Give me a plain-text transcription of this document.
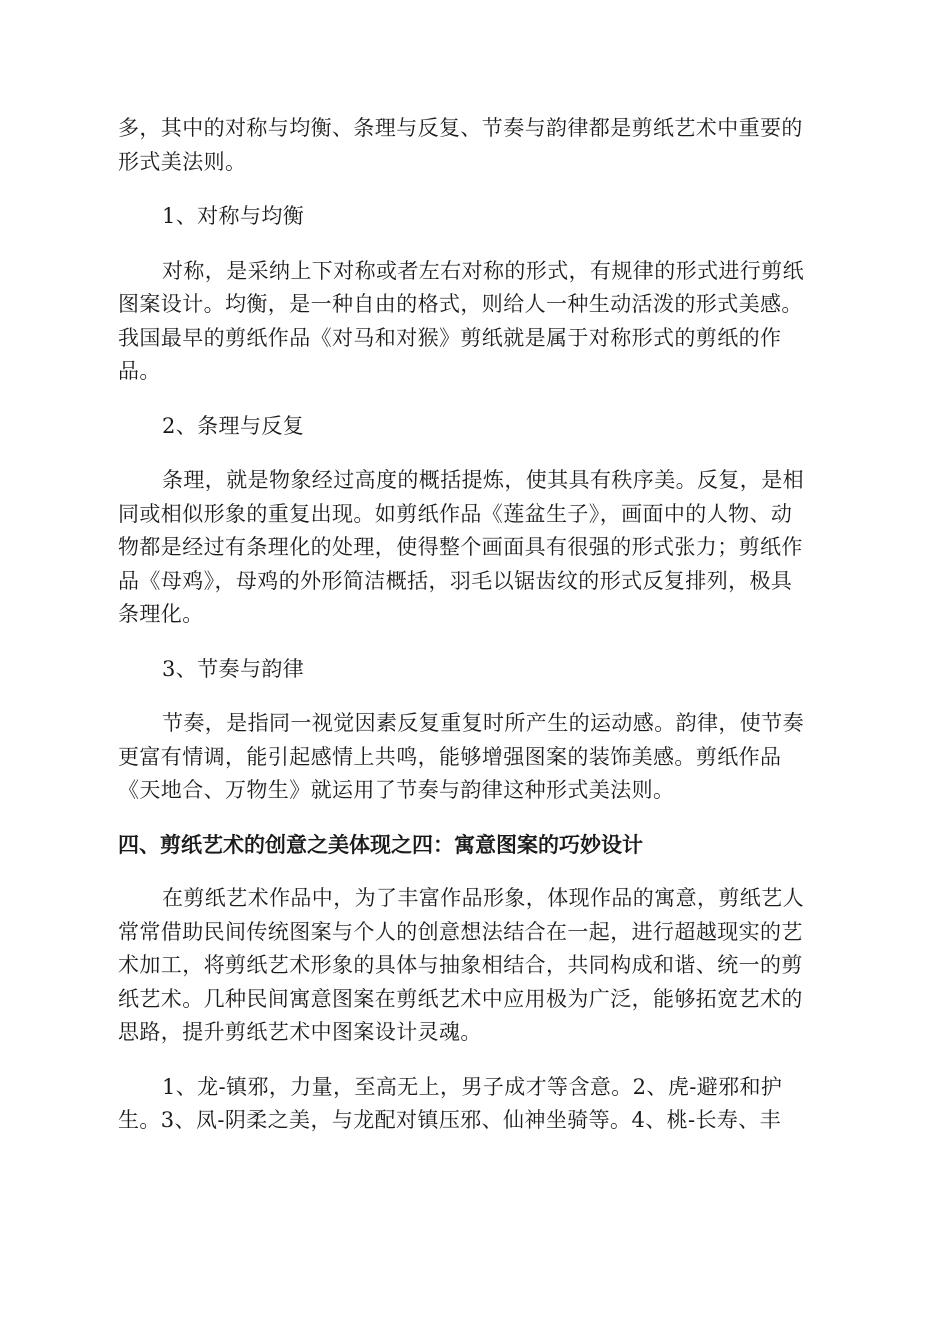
多，其中的对称与均衡、条理与反复、节奏与韵律都是剪纸艺术中重要的

形式美法则。

1、对称与均衡

对称，是采纳上下对称或者左右对称的形式，有规律的形式进行剪纸

图案设计。均衡，是一种自由的格式，则给人一种生动活泼的形式美感。

我国最早的剪纸作品《对马和对猴》剪纸就是属于对称形式的剪纸的作

品。

2、条理与反复

条理，就是物象经过高度的概括提炼，使其具有秩序美。反复，是相

同或相似形象的重复出现。如剪纸作品《莲盆生子》，画面中的人物、动

物都是经过有条理化的处理，使得整个画面具有很强的形式张力；剪纸作

品《母鸡》，母鸡的外形简洁概括，羽毛以锯齿纹的形式反复排列，极具

条理化。

3、节奏与韵律

节奏，是指同一视觉因素反复重复时所产生的运动感。韵律，使节奏

更富有情调，能引起感情上共鸣，能够增强图案的装饰美感。剪纸作品

《天地合、万物生》就运用了节奏与韵律这种形式美法则。

四、剪纸艺术的创意之美体现之四：寓意图案的巧妙设计

在剪纸艺术作品中，为了丰富作品形象，体现作品的寓意，剪纸艺人

常常借助民间传统图案与个人的创意想法结合在一起，进行超越现实的艺

术加工，将剪纸艺术形象的具体与抽象相结合，共同构成和谐、统一的剪

纸艺术。几种民间寓意图案在剪纸艺术中应用极为广泛，能够拓宽艺术的

思路，提升剪纸艺术中图案设计灵魂。

1、龙-镇邪，力量，至高无上，男子成才等含意。2、虎-避邪和护

生。3、凤-阴柔之美，与龙配对镇压邪、仙神坐骑等。4、桃-长寿、丰
